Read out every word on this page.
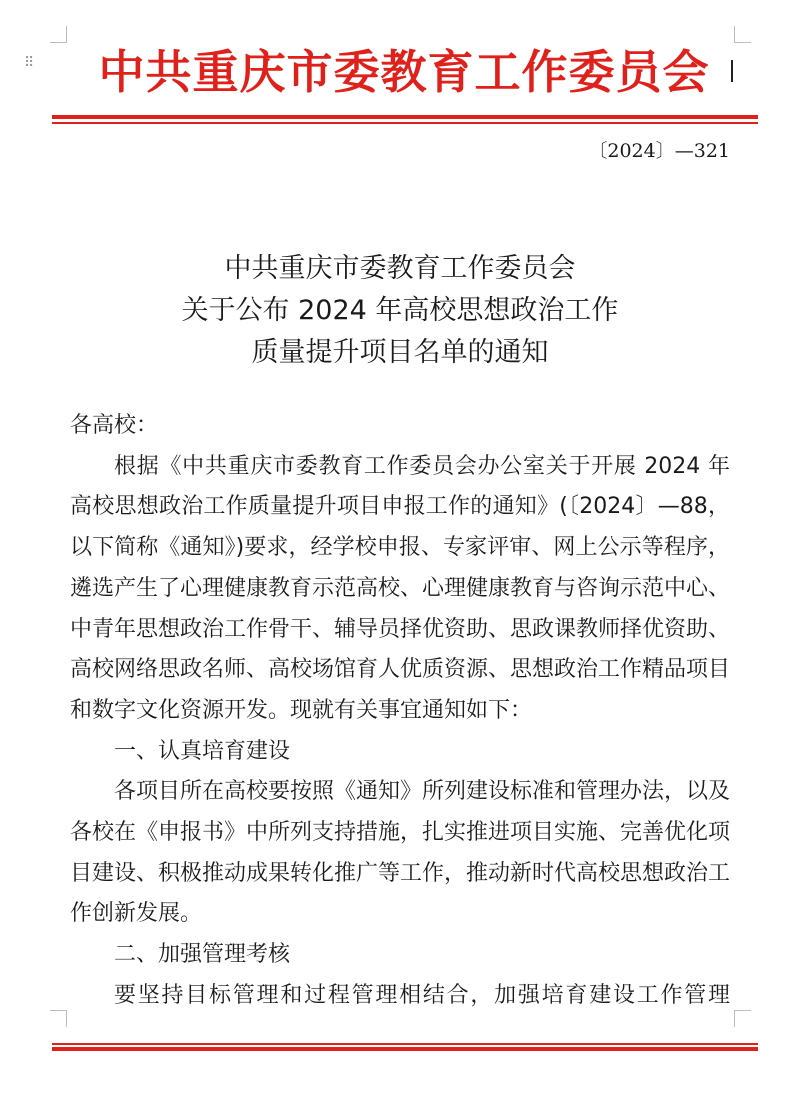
⠿	中共重庆市委教育工作委员会
〔2024〕—321
中共重庆市委教育工作委员会
关于公布 2024 年高校思想政治工作
质量提升项目名单的通知

各高校：

根据《中共重庆市委教育工作委员会办公室关于开展 2024 年高校思想政治工作质量提升项目申报工作的通知》(〔2024〕—88，以下简称《通知》)要求，经学校申报、专家评审、网上公示等程序，遴选产生了心理健康教育示范高校、心理健康教育与咨询示范中心、中青年思想政治工作骨干、辅导员择优资助、思政课教师择优资助、高校网络思政名师、高校场馆育人优质资源、思想政治工作精品项目和数字文化资源开发。现就有关事宜通知如下：

一、认真培育建设

各项目所在高校要按照《通知》所列建设标准和管理办法，以及各校在《申报书》中所列支持措施，扎实推进项目实施、完善优化项目建设、积极推动成果转化推广等工作，推动新时代高校思想政治工作创新发展。

二、加强管理考核

要坚持目标管理和过程管理相结合，加强培育建设工作管理
